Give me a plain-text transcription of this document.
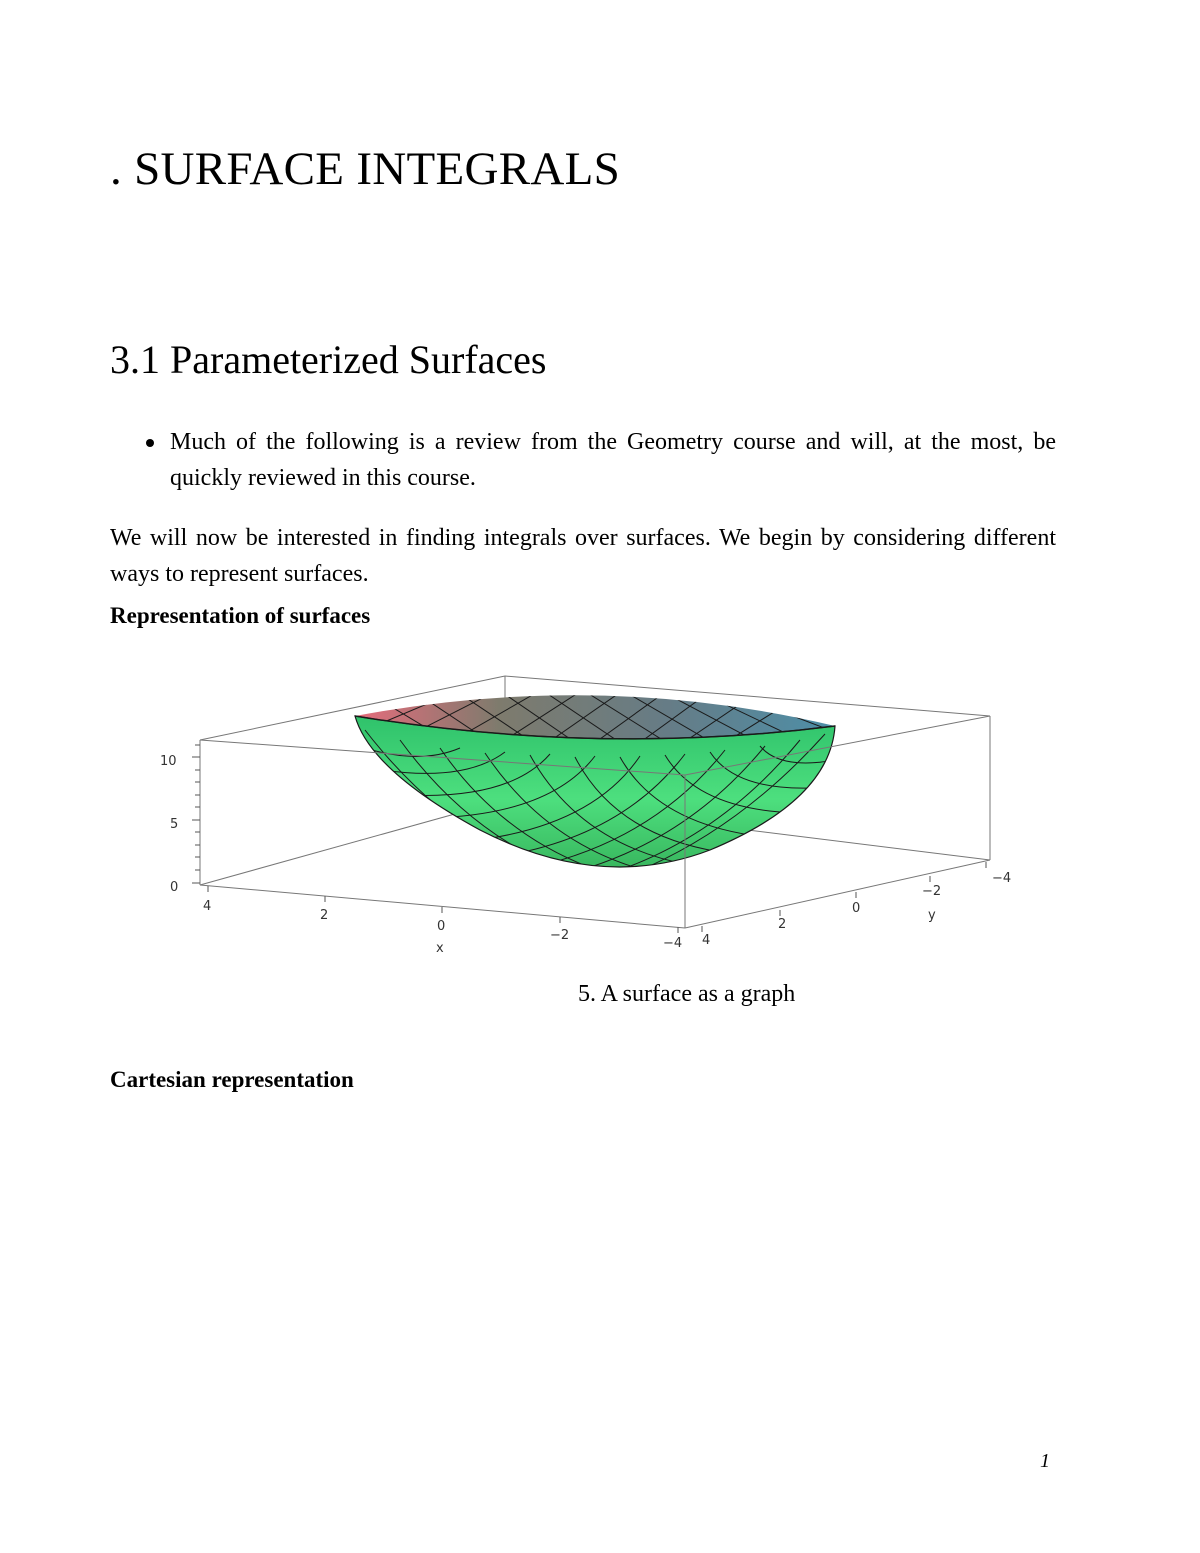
. SURFACE INTEGRALS
3.1 Parameterized Surfaces
Much of the following is a review from the Geometry course and will, at the most, be quickly reviewed in this course.

We will now be interested in finding integrals over surfaces. We begin by considering different ways to represent surfaces.

Representation of surfaces
10
5
0
4
2
0
−2
−4
x
4
2
0
−2
−4
y

5. A surface as a graph

Cartesian representation

1
